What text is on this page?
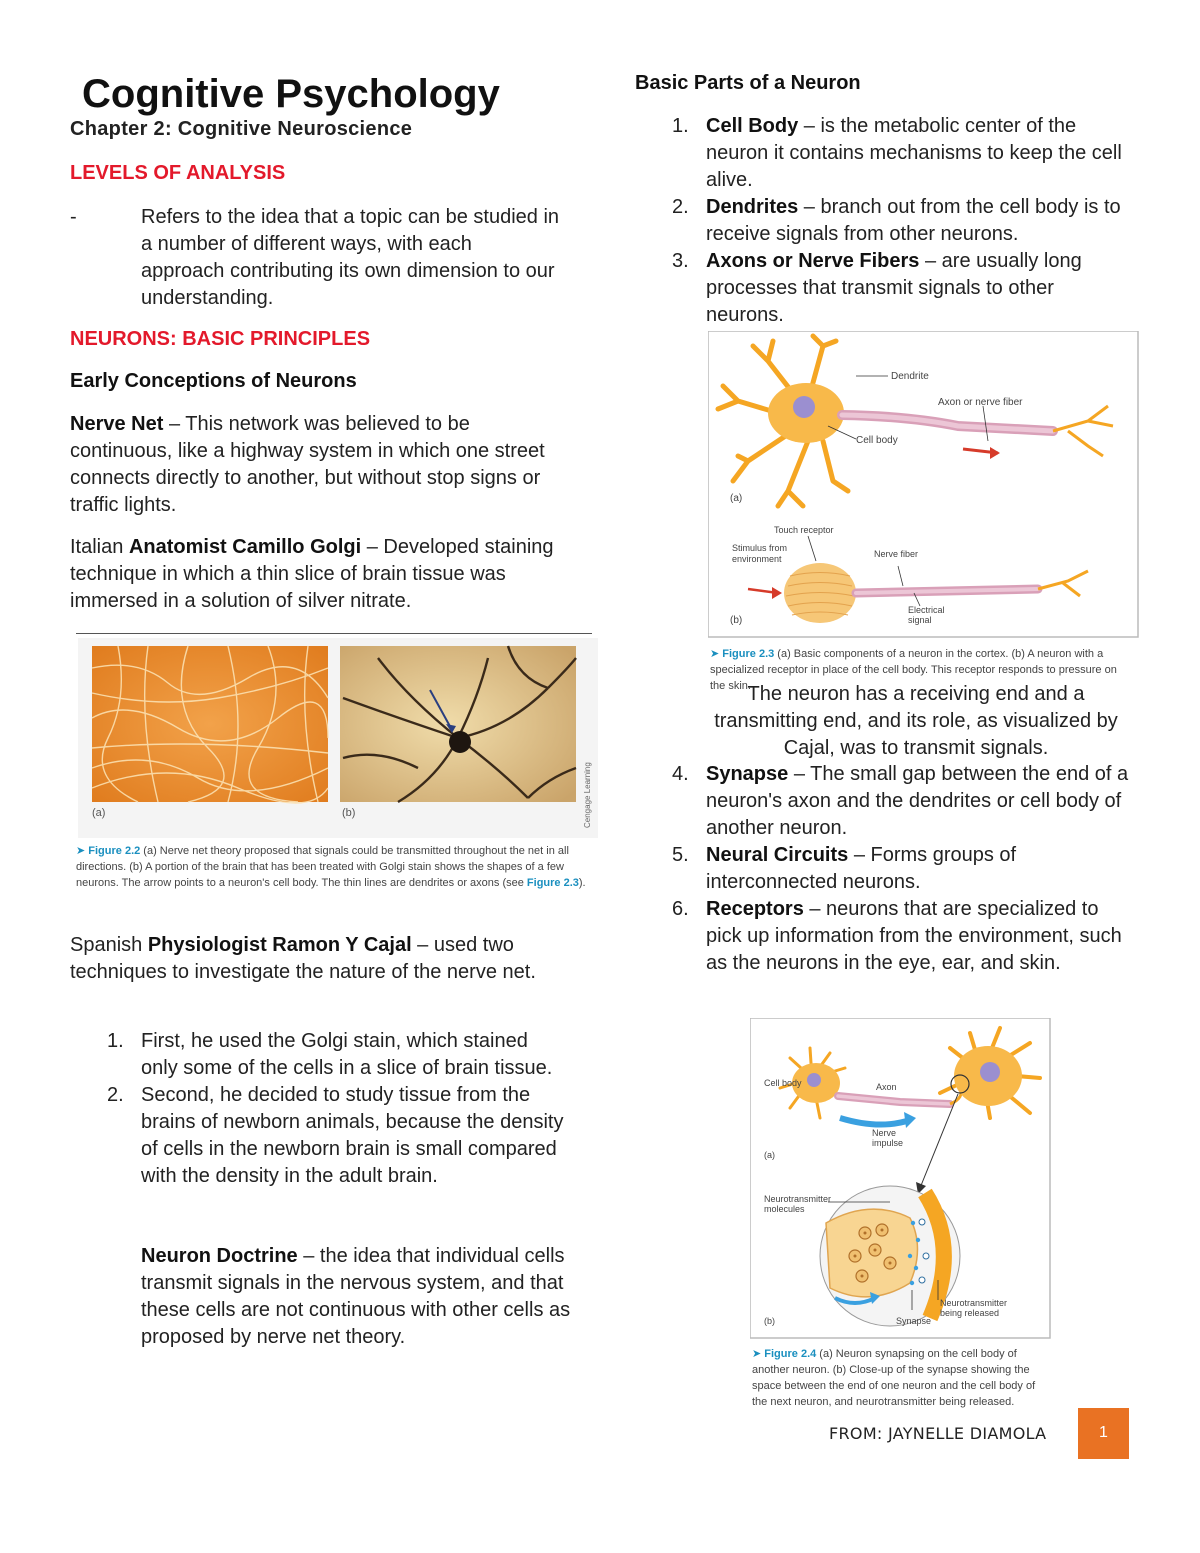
Cognitive Psychology
Chapter 2: Cognitive Neuroscience
LEVELS OF ANALYSIS
-	Refers to the idea that a topic can be studied in a number of different ways, with each approach contributing its own dimension to our understanding.
NEURONS: BASIC PRINCIPLES
Early Conceptions of Neurons
Nerve Net – This network was believed to be continuous, like a highway system in which one street connects directly to another, but without stop signs or traffic lights.
Italian Anatomist Camillo Golgi – Developed staining technique in which a thin slice of brain tissue was immersed in a solution of silver nitrate.
(a)	(b)	Cengage Learning
➤ Figure 2.2 (a) Nerve net theory proposed that signals could be transmitted throughout the net in all directions. (b) A portion of the brain that has been treated with Golgi stain shows the shapes of a few neurons. The arrow points to a neuron's cell body. The thin lines are dendrites or axons (see Figure 2.3).
Spanish Physiologist Ramon Y Cajal – used two techniques to investigate the nature of the nerve net.
1. First, he used the Golgi stain, which stained only some of the cells in a slice of brain tissue.
2. Second, he decided to study tissue from the brains of newborn animals, because the density of cells in the newborn brain is small compared with the density in the adult brain.
Neuron Doctrine – the idea that individual cells transmit signals in the nervous system, and that these cells are not continuous with other cells as proposed by nerve net theory.
Basic Parts of a Neuron
1. Cell Body – is the metabolic center of the neuron it contains mechanisms to keep the cell alive.
2. Dendrites – branch out from the cell body is to receive signals from other neurons.
3. Axons or Nerve Fibers – are usually long processes that transmit signals to other neurons.
Dendrite
Axon or nerve fiber
Cell body
(a)
Touch receptor
Stimulus from
environment	Nerve fiber
Electrical
signal
(b)
➤ Figure 2.3 (a) Basic components of a neuron in the cortex. (b) A neuron with a specialized receptor in place of the cell body. This receptor responds to pressure on the skin.
The neuron has a receiving end and a transmitting end, and its role, as visualized by Cajal, was to transmit signals.
4. Synapse – The small gap between the end of a neuron's axon and the dendrites or cell body of another neuron.
5. Neural Circuits – Forms groups of interconnected neurons.
6. Receptors – neurons that are specialized to pick up information from the environment, such as the neurons in the eye, ear, and skin.
Cell body	Axon
Nerve
impulse
(a)
Neurotransmitter
molecules
Neurotransmitter
being released
Synapse
(b)
➤ Figure 2.4 (a) Neuron synapsing on the cell body of another neuron. (b) Close-up of the synapse showing the space between the end of one neuron and the cell body of the next neuron, and neurotransmitter being released.
FROM: JAYNELLE DIAMOLA	1
